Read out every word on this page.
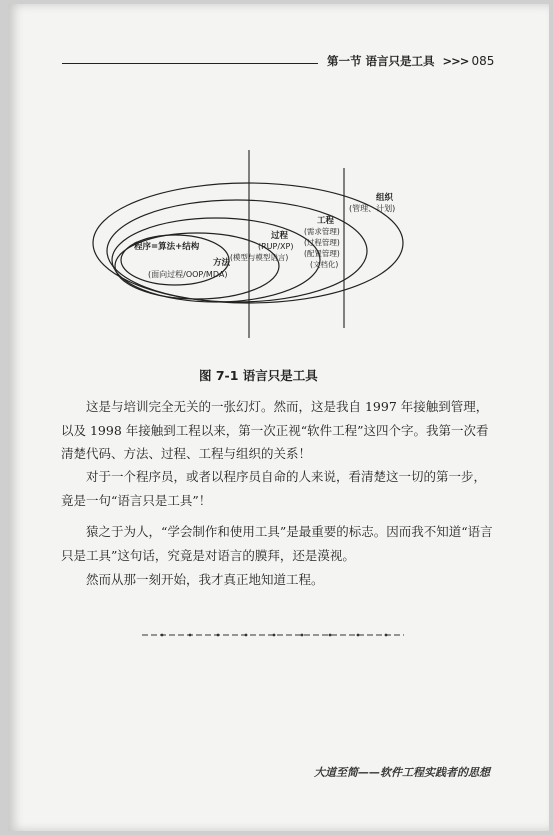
第一节 语言只是工具 >>> 085
组织
(管理、计划)
工程
(需求管理)
(过程管理)
(配置管理)
(文档化)
过程
(RUP/XP)
(模型与模型语言)
方法
(面向过程/OOP/MDA)
程序=算法+结构
图 7-1 语言只是工具

这是与培训完全无关的一张幻灯。然而，这是我自 1997 年接触到管理，以及 1998 年接触到工程以来，第一次正视“软件工程”这四个字。我第一次看清楚代码、方法、过程、工程与组织的关系！

对于一个程序员，或者以程序员自命的人来说，看清楚这一切的第一步，竟是一句“语言只是工具”！

猿之于为人，“学会制作和使用工具”是最重要的标志。因而我不知道“语言只是工具”这句话，究竟是对语言的膜拜，还是漠视。

然而从那一刻开始，我才真正地知道工程。

大道至简——软件工程实践者的思想
